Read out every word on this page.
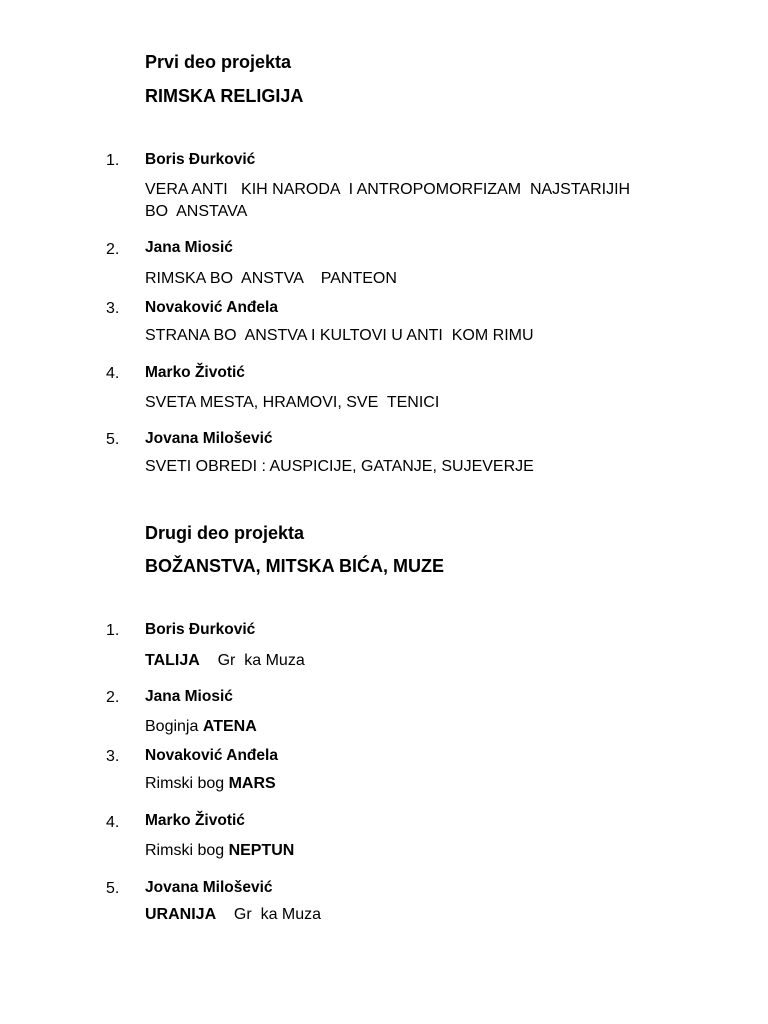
Prvi deo projekta
RIMSKA RELIGIJA
1. Boris Đurković
VERA ANTI   KIH NARODA  I ANTROPOMORFIZAM  NAJSTARIJIH
BO  ANSTAVA
2. Jana Miosić
RIMSKA BO  ANSTVA    PANTEON
3. Novaković Anđela
STRANA BO  ANSTVA I KULTOVI U ANTI  KOM RIMU
4. Marko Životić
SVETA MESTA, HRAMOVI, SVE  TENICI
5. Jovana Milošević
SVETI OBREDI : AUSPICIJE, GATANJE, SUJEVERJE
Drugi deo projekta
BOŽANSTVA, MITSKA BIĆA, MUZE
1. Boris Đurković
TALIJA    Gr  ka Muza
2. Jana Miosić
Boginja ATENA
3. Novaković Anđela
Rimski bog MARS
4. Marko Životić
Rimski bog NEPTUN
5. Jovana Milošević
URANIJA    Gr  ka Muza
